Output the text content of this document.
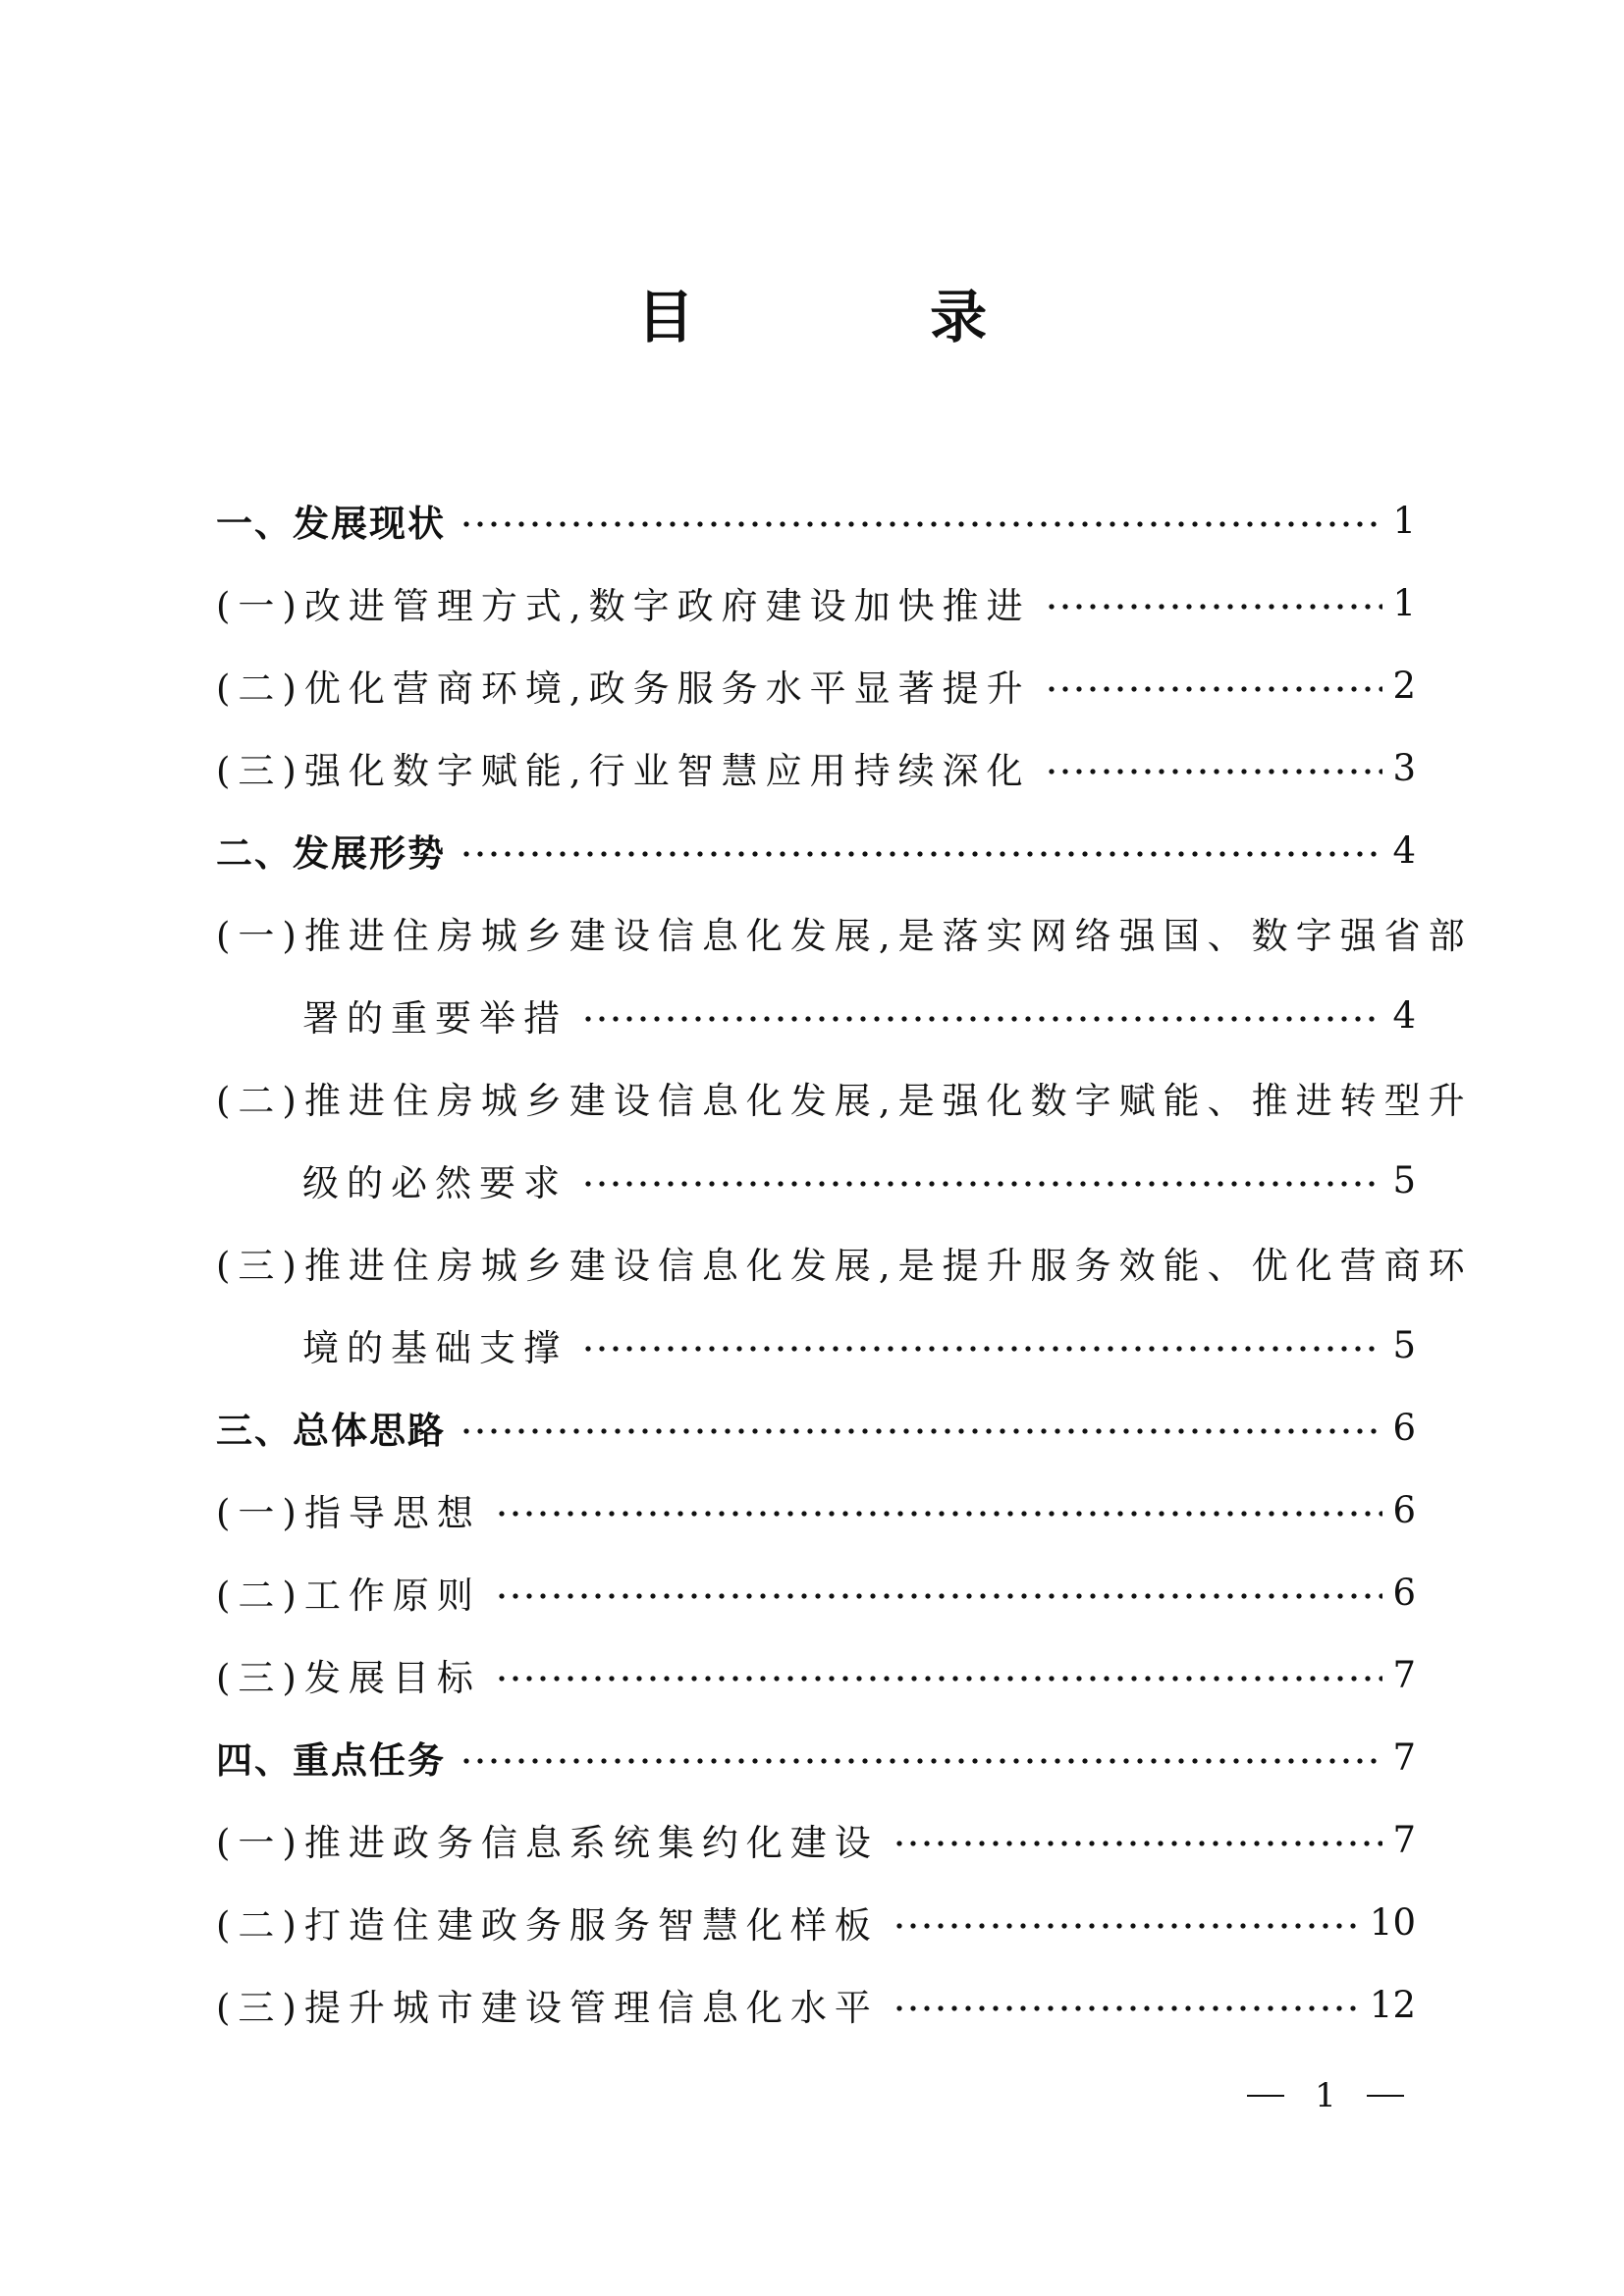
目 录
一、发展现状	1
(一)改进管理方式,数字政府建设加快推进	1
(二)优化营商环境,政务服务水平显著提升	2
(三)强化数字赋能,行业智慧应用持续深化	3
二、发展形势	4
(一)推进住房城乡建设信息化发展,是落实网络强国、数字强省部
署的重要举措	4
(二)推进住房城乡建设信息化发展,是强化数字赋能、推进转型升
级的必然要求	5
(三)推进住房城乡建设信息化发展,是提升服务效能、优化营商环
境的基础支撑	5
三、总体思路	6
(一)指导思想	6
(二)工作原则	6
(三)发展目标	7
四、重点任务	7
(一)推进政务信息系统集约化建设	7
(二)打造住建政务服务智慧化样板	10
(三)提升城市建设管理信息化水平	12
1
